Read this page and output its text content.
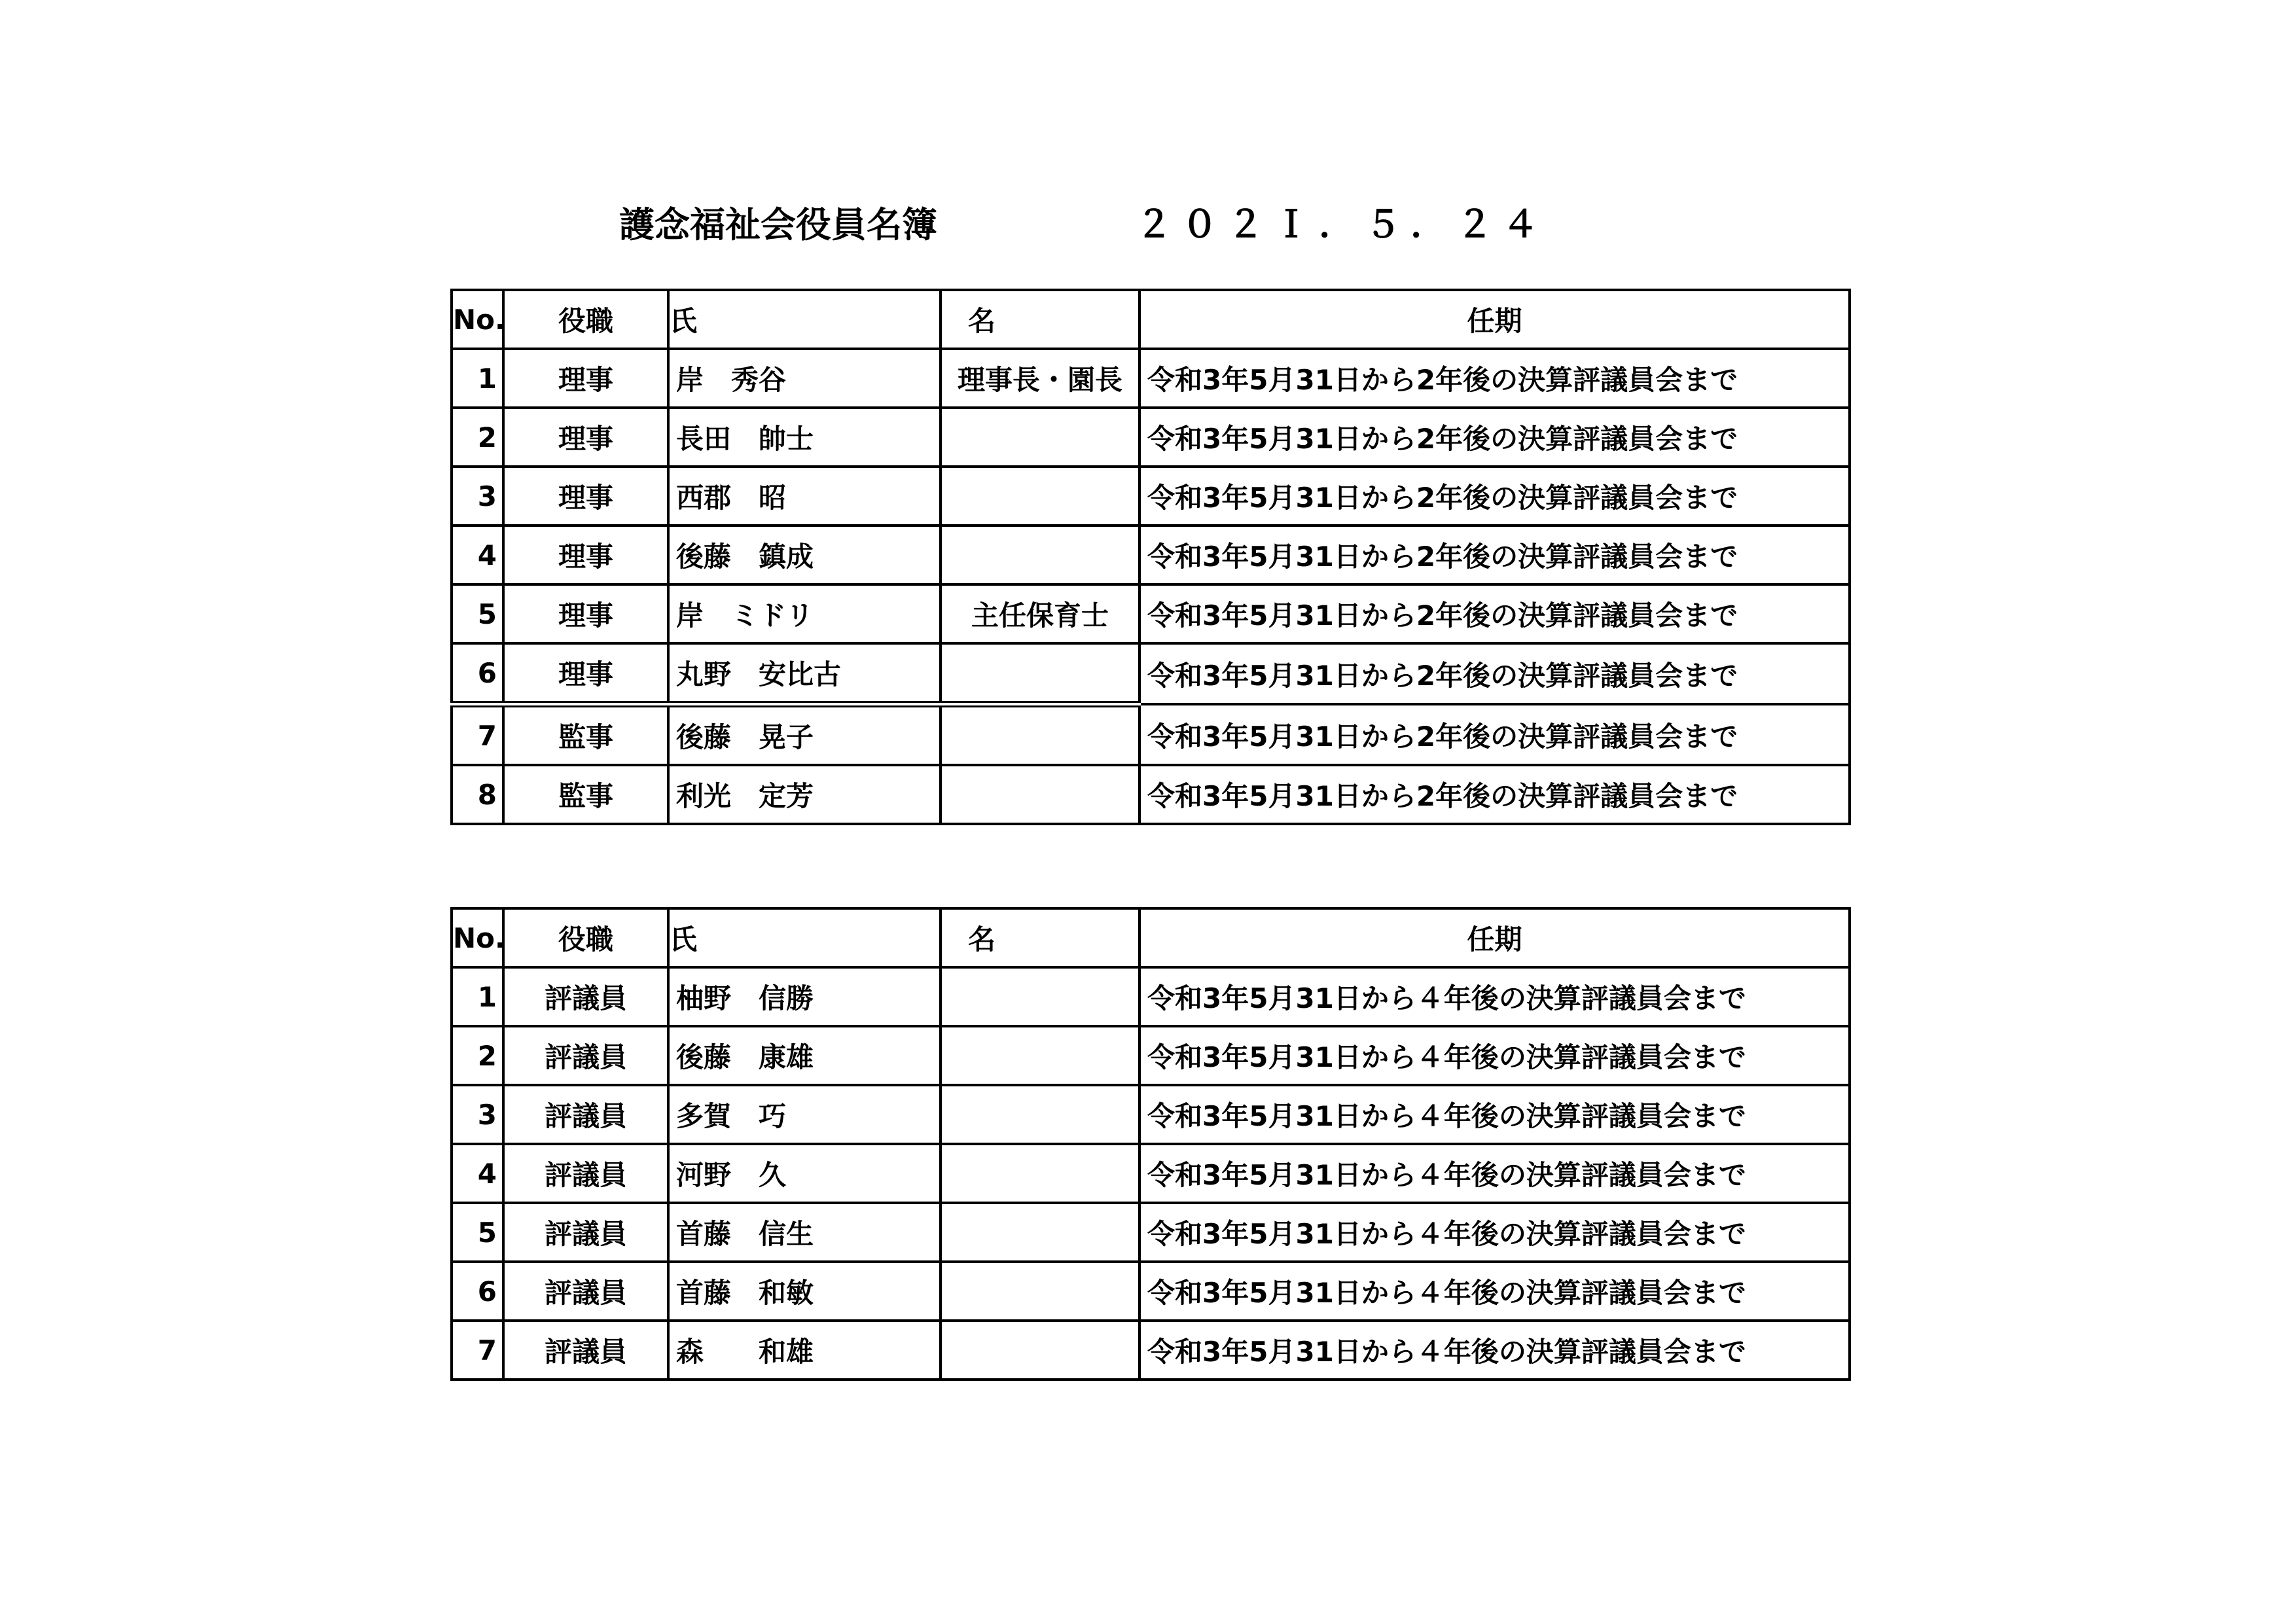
護念福祉会役員名簿	２０２Ｉ．５．２４
No.	役職	氏　　名		任期
1	理事	岸　秀谷	理事長・園長	令和3年5月31日から2年後の決算評議員会まで
2	理事	長田　帥士		令和3年5月31日から2年後の決算評議員会まで
3	理事	西郡　昭		令和3年5月31日から2年後の決算評議員会まで
4	理事	後藤　鎮成		令和3年5月31日から2年後の決算評議員会まで
5	理事	岸　ミドリ	主任保育士	令和3年5月31日から2年後の決算評議員会まで
6	理事	丸野　安比古		令和3年5月31日から2年後の決算評議員会まで
7	監事	後藤　晃子		令和3年5月31日から2年後の決算評議員会まで
8	監事	利光　定芳		令和3年5月31日から2年後の決算評議員会まで
No.	役職	氏　　名		任期
1	評議員	柚野　信勝		令和3年5月31日から４年後の決算評議員会まで
2	評議員	後藤　康雄		令和3年5月31日から４年後の決算評議員会まで
3	評議員	多賀　巧		令和3年5月31日から４年後の決算評議員会まで
4	評議員	河野　久		令和3年5月31日から４年後の決算評議員会まで
5	評議員	首藤　信生		令和3年5月31日から４年後の決算評議員会まで
6	評議員	首藤　和敏		令和3年5月31日から４年後の決算評議員会まで
7	評議員	森　　和雄		令和3年5月31日から４年後の決算評議員会まで
